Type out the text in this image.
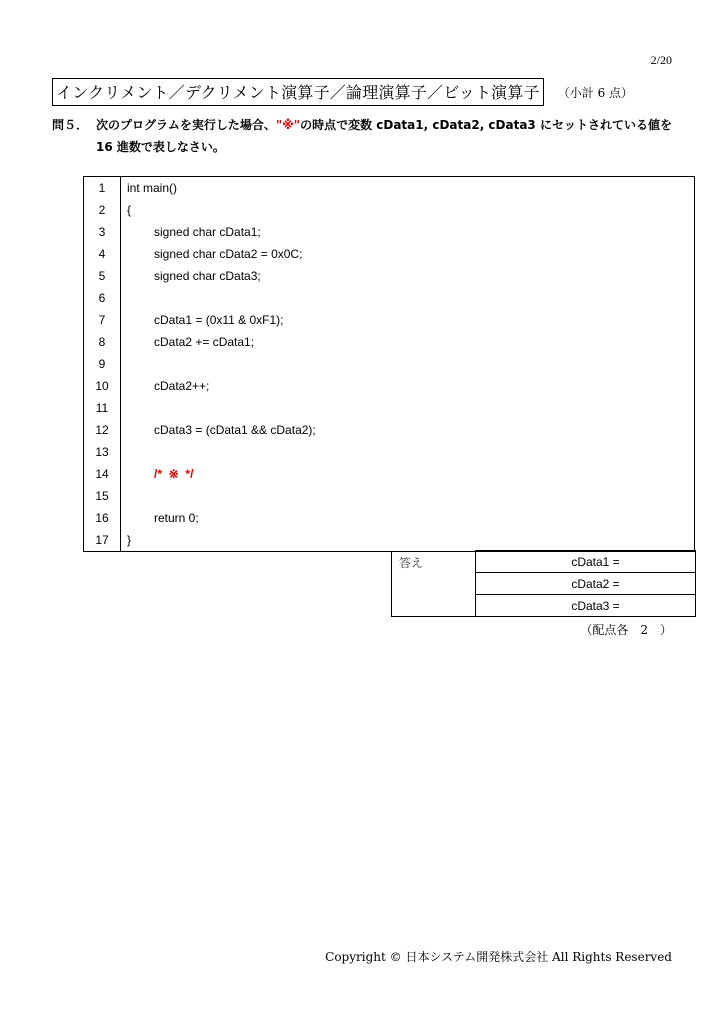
2/20
インクリメント／デクリメント演算子／論理演算子／ビット演算子	（小計 6 点）
問５． 次のプログラムを実行した場合、 "※" の時点で変数 cData1, cData2, cData3 にセットされている値を
16 進数で表しなさい。
1	int main()
2	{
3	signed char cData1;
4	signed char cData2 = 0x0C;
5	signed char cData3;
6	
7	cData1 = (0x11 & 0xF1);
8	cData2 += cData1;
9	
10	cData2++;
11	
12	cData3 = (cData1 && cData2);
13	
14	/*  ※  */
15	
16	return 0;
17	}
答え	cData1 =
cData2 =
cData3 =
（配点各　2　）
Copyright © 日本システム開発株式会社 All Rights Reserved
